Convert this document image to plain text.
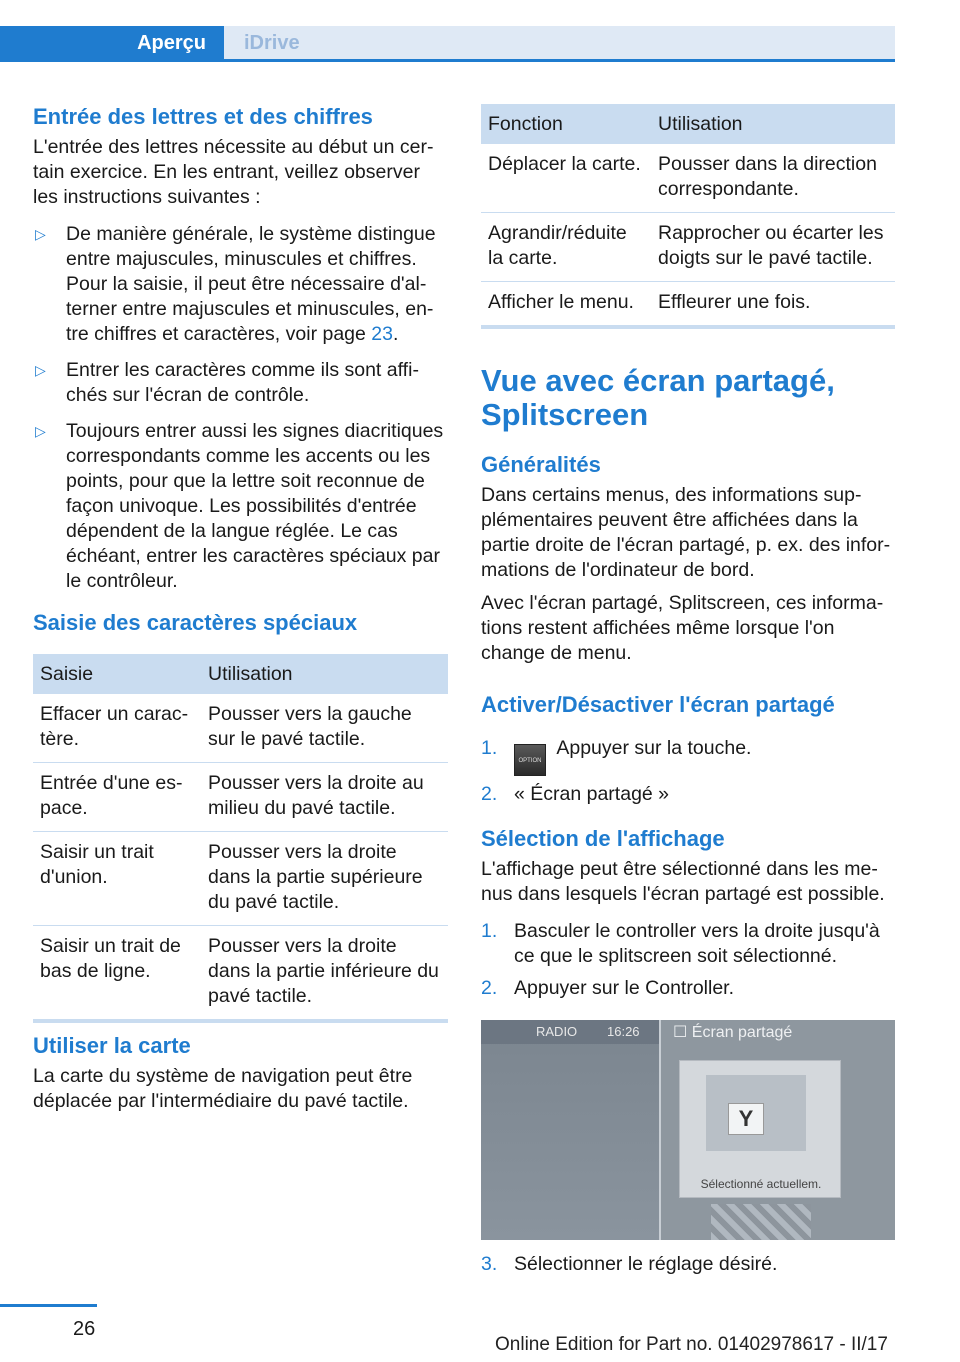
Aperçu	iDrive
Entrée des lettres et des chiffres
L'entrée des lettres nécessite au début un certain exercice. En les entrant, veillez observer les instructions suivantes :
▷ De manière générale, le système distingue entre majuscules, minuscules et chiffres. Pour la saisie, il peut être nécessaire d'alterner entre majuscules et minuscules, entre chiffres et caractères, voir page 23.
▷ Entrer les caractères comme ils sont affichés sur l'écran de contrôle.
▷ Toujours entrer aussi les signes diacritiques correspondants comme les accents ou les points, pour que la lettre soit reconnue de façon univoque. Les possibilités d'entrée dépendent de la langue réglée. Le cas échéant, entrer les caractères spéciaux par le contrôleur.
Saisie des caractères spéciaux
Saisie	Utilisation
Effacer un caractère.	Pousser vers la gauche sur le pavé tactile.
Entrée d'une espace.	Pousser vers la droite au milieu du pavé tactile.
Saisir un trait d'union.	Pousser vers la droite dans la partie supérieure du pavé tactile.
Saisir un trait de bas de ligne.	Pousser vers la droite dans la partie inférieure du pavé tactile.
Utiliser la carte
La carte du système de navigation peut être déplacée par l'intermédiaire du pavé tactile.
Fonction	Utilisation
Déplacer la carte.	Pousser dans la direction correspondante.
Agrandir/réduite la carte.	Rapprocher ou écarter les doigts sur le pavé tactile.
Afficher le menu.	Effleurer une fois.
Vue avec écran partagé, Splitscreen
Généralités
Dans certains menus, des informations supplémentaires peuvent être affichées dans la partie droite de l'écran partagé, p. ex. des informations de l'ordinateur de bord.
Avec l'écran partagé, Splitscreen, ces informations restent affichées même lorsque l'on change de menu.
Activer/Désactiver l'écran partagé
1.
OPTION Appuyer sur la touche.
2. « Écran partagé »
Sélection de l'affichage
L'affichage peut être sélectionné dans les menus dans lesquels l'écran partagé est possible.
1. Basculer le controller vers la droite jusqu'à ce que le splitscreen soit sélectionné.
2. Appuyer sur le Controller.
3. Sélectionner le réglage désiré.
RADIO 16:26 ☐ Écran partagé
Y
Sélectionné actuellem.
26
Online Edition for Part no. 01402978617 - II/17
